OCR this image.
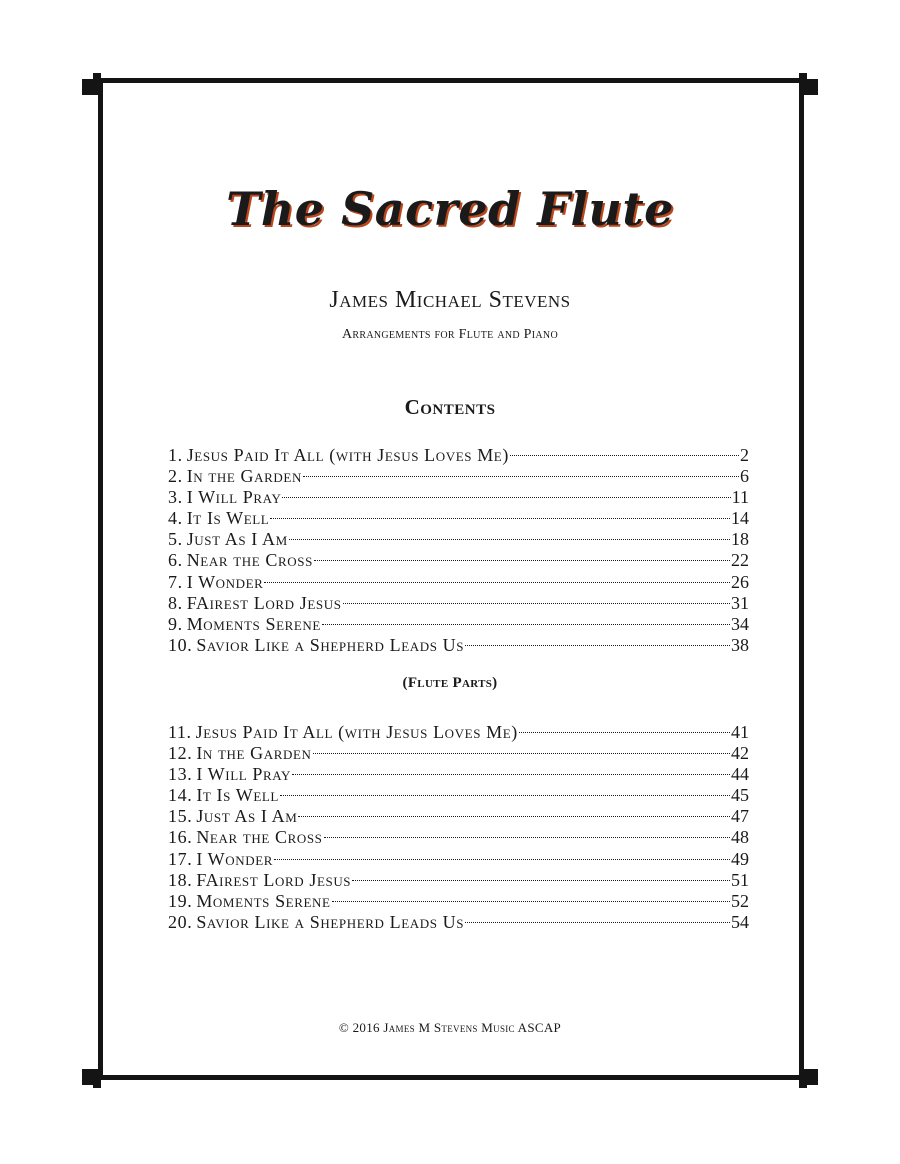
The Sacred Flute
James Michael Stevens
Arrangements for Flute and Piano
Contents
1. Jesus Paid It All (with Jesus Loves Me)	2
2. In the Garden	6
3. I Will Pray	11
4. It Is Well	14
5. Just As I Am	18
6. Near the Cross	22
7. I Wonder	26
8. FAirest Lord Jesus	31
9. Moments Serene	34
10. Savior Like a Shepherd Leads Us	38
(Flute Parts)
11. Jesus Paid It All (with Jesus Loves Me)	41
12. In the Garden	42
13. I Will Pray	44
14. It Is Well	45
15. Just As I Am	47
16. Near the Cross	48
17. I Wonder	49
18. FAirest Lord Jesus	51
19. Moments Serene	52
20. Savior Like a Shepherd Leads Us	54
© 2016 James M Stevens Music ASCAP
